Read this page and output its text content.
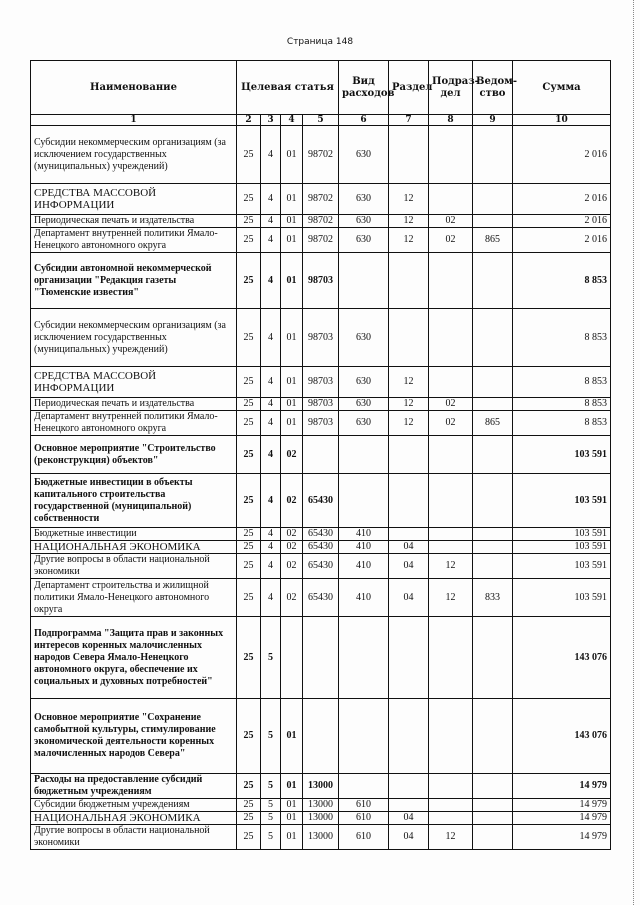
Страница 148
Наименование	Целевая статья				Вид расходов	Раздел	Подраз-дел	Ведом-ство	Сумма
1	2	3	4	5	6	7	8	9	10
Субсидии некоммерческим организациям (за исключением государственных (муниципальных) учреждений)	25	4	01	98702	630				2 016
СРЕДСТВА МАССОВОЙ ИНФОРМАЦИИ	25	4	01	98702	630	12			2 016
Периодическая печать и издательства	25	4	01	98702	630	12	02		2 016
Департамент внутренней политики Ямало-Ненецкого автономного округа	25	4	01	98702	630	12	02	865	2 016
Субсидии автономной некоммерческой организации "Редакция газеты "Тюменские известия"	25	4	01	98703					8 853
Субсидии некоммерческим организациям (за исключением государственных (муниципальных) учреждений)	25	4	01	98703	630				8 853
СРЕДСТВА МАССОВОЙ ИНФОРМАЦИИ	25	4	01	98703	630	12			8 853
Периодическая печать и издательства	25	4	01	98703	630	12	02		8 853
Департамент внутренней политики Ямало-Ненецкого автономного округа	25	4	01	98703	630	12	02	865	8 853
Основное мероприятие "Строительство (реконструкция) объектов"	25	4	02						103 591
Бюджетные инвестиции в объекты капитального строительства государственной (муниципальной) собственности	25	4	02	65430					103 591
Бюджетные инвестиции	25	4	02	65430	410				103 591
НАЦИОНАЛЬНАЯ ЭКОНОМИКА	25	4	02	65430	410	04			103 591
Другие вопросы в области национальной экономики	25	4	02	65430	410	04	12		103 591
Департамент строительства и жилищной политики Ямало-Ненецкого автономного округа	25	4	02	65430	410	04	12	833	103 591
Подпрограмма "Защита прав и законных интересов коренных малочисленных народов Севера Ямало-Ненецкого автономного округа, обеспечение их социальных и духовных потребностей"	25	5							143 076
Основное мероприятие "Сохранение самобытной культуры, стимулирование экономической деятельности коренных малочисленных народов Севера"	25	5	01						143 076
Расходы на предоставление субсидий бюджетным учреждениям	25	5	01	13000					14 979
Субсидии бюджетным учреждениям	25	5	01	13000	610				14 979
НАЦИОНАЛЬНАЯ ЭКОНОМИКА	25	5	01	13000	610	04			14 979
Другие вопросы в области национальной экономики	25	5	01	13000	610	04	12		14 979
